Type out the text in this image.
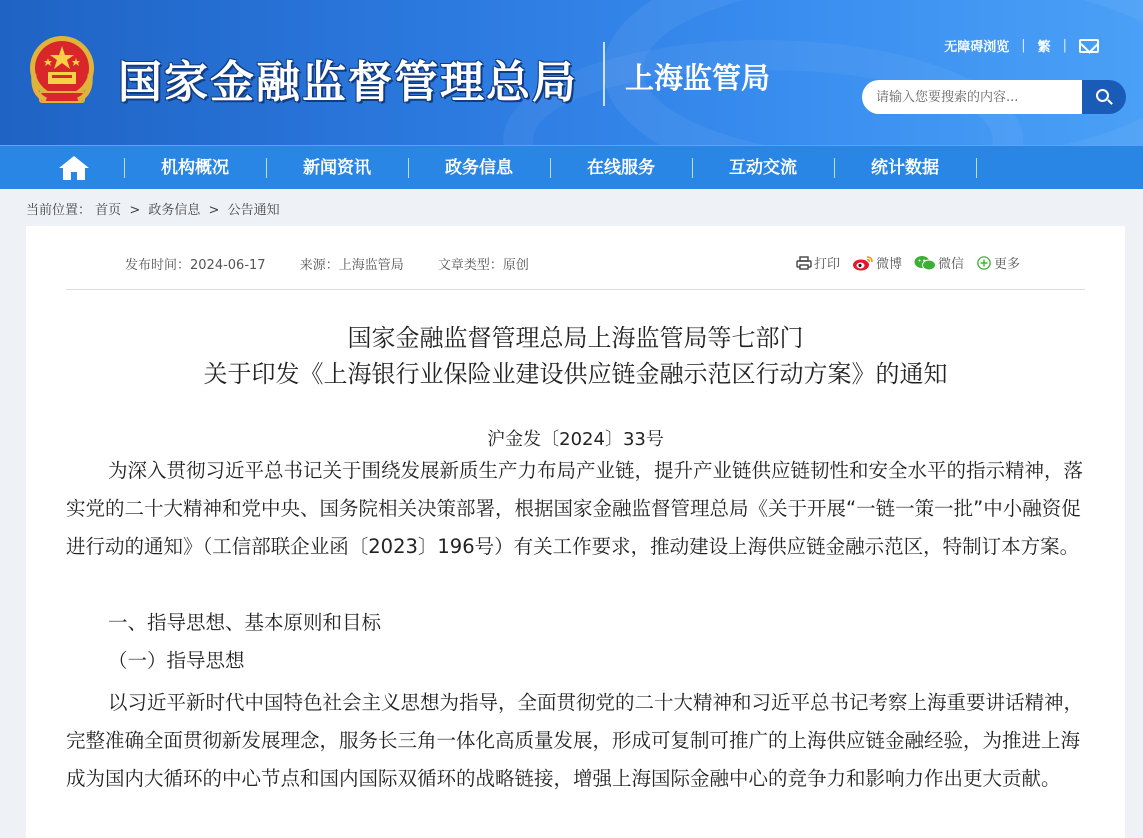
国家金融监督管理总局 上海监管局
无障碍浏览 | 繁 |
请输入您要搜索的内容...
机构概况	新闻资讯	政务信息	在线服务	互动交流	统计数据
当前位置： 首页 > 政务信息 > 公告通知
发布时间：2024-06-17	来源：上海监管局	文章类型：原创	打印	微博	微信 更多
国家金融监督管理总局上海监管局等七部门
关于印发《上海银行业保险业建设供应链金融示范区行动方案》的通知
沪金发〔2024〕33号
为深入贯彻习近平总书记关于围绕发展新质生产力布局产业链，提升产业链供应链韧性和安全水平的指示精神，落实党的二十大精神和党中央、国务院相关决策部署，根据国家金融监督管理总局《关于开展“一链一策一批”中小融资促进行动的通知》（工信部联企业函〔2023〕196号）有关工作要求，推动建设上海供应链金融示范区，特制订本方案。
一、指导思想、基本原则和目标
（一）指导思想
以习近平新时代中国特色社会主义思想为指导，全面贯彻党的二十大精神和习近平总书记考察上海重要讲话精神，完整准确全面贯彻新发展理念，服务长三角一体化高质量发展，形成可复制可推广的上海供应链金融经验，为推进上海成为国内大循环的中心节点和国内国际双循环的战略链接，增强上海国际金融中心的竞争力和影响力作出更大贡献。
